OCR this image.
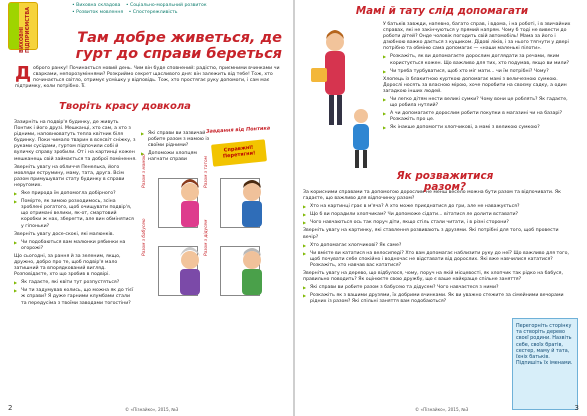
ВИХОВНІ ПІДПРИЄМСТВА
• Виховна складова • Соціально-моральний розвиток
• Розвиток мовлення • Спостережливість
Там добре живеться, де гурт до справи береться
Д оброго ранку! Починається новий день. Чим він буде сповнений: радістю, приємними вчинками чи сварками, непорозуміннями? Розкриймо секрет щасливого дня: він залежить від тебе! Тож, хто починається світло, отримує усмішку у відповідь. Тож, хто простягає руку допомоги, і сам має підтримку, коли потрібно. Її.
Творіть красу довкола

Зазирніть на подвір'я будинку, де живуть Понтик і його друзі. Мешканці, хто сам, а хто з рідними, наповнюватуть тепла квітник біля будинку. Поки чимало тварин в всесвіт сніжку, з руками сусідами, гуртом підпочили собі й вуличку справу зробили. От і на картинці кожен мешканець свій займається та доброї помінення.

Зверніть увагу на обличчя Пенелька, його мовляди еструмину, маму, тата, друга. Всім разом примушувати стату будинку в справи неругомих.

▶ Яке природа їм допомогла добірного?

▶ Помірте, як зимою розходимось, зсіна зроблені рогатого, щоб очищувати подвір'я, що отримані велики, як-от, смартовий коробки ж нах, зберегти, але вин обмінятися у гіпоньки?

Зверніть увагу досе-скокі, які малюнків.

▶ Чи подобаються вам малюнки рябинки на огорожі?

Що сьогодні, за рання й за зеленим, якщо, дружно, добро про те, щоб подвір'я мало затишний та впорядкований вигляд. Розповідаєте, хто що зробив в подвірі.

▶ Як гадаєте, які квіти тут розпустяться?

▶ Чи ти задумував колись, що можна як до тієї ж справи? Я дуже гарними клумбами стали та передусіма з твоїми заводами тогостіни?

▶ Які справи ви зазвичай робите разом з мамою із своїми рідними?

▶ Допоможи хлопцям нагнати справи

Завдання від Понтика
Справжні! Перетягни!
Разом з мамою	Разом з татом
Разом з бабусею	Разом з дідусем
© «Пізнайко», 2015, №3
2
Мамі й тату слід допомагати

У батьків завжди, напевно, багато справ, і вдома, і на роботі, і в звичайних справах, які не закінчуються у прямий напрям. Чому б тоді не вивести до роботи дітей? Онде чоловік погодить свій автомобіль! Мама за його і дзюбною важко дається з кущиком. Дідові ліків, і за нього тягнути у двері потрібно та обміню сама допомагає — «наши маленькі пілоти».

▶ Розкажіть, як ви допомагаєте дорослим доглядати за речами, яким користується кожен. Що важливо для тих, хто подумав, якщо ви мили?

▶ Чи треба турбуватися, щоб хто міг мати... чи їм потрібні? Чому?

Хлопець із блакитною курткою допомагає мамі з величезною сумкою. Дорослі носять за власною мірою, хоче поробити на своєму садку, а один загадкою інших людей.

▶ Чи легко дітям нести великі сумки? Чому вони це роблять? Як гадаєте, що робила нутлий?

▶ А чи допомагаєте дорослим робити покупки в магазині чи на базарі? Розкажіть про це.

▶ Як інакше допомогти хлопчикові, а мамі з великою сумкою?

Як розважитися разом?

За корисними справами та допомогою дорослим не менш весело можна бути разом та відпочивати. Як гадаєте, що важливо для відпочинку разом?

▶ Хто на картинці грає в м'яча? А хто може приєднатися до гри, але не наважується?

▶ Що б ви порадили хлопчикам? Чи допоможе сідати... вітатися ле долити вставати?

▶ Чого навчаються ось так поруч діти, якщо стіль стали читати, і в різні сторони?

Зверніть увагу на картинку, які ставлення розвивають з друзями. Які потрібні для того, щоб провести вечір?

▶ Хто допомагає хлопчикові? Як саме?

▶ Чи вмієте ви кататися на велосипеді? Хто вам допомагає наблизити руку до неї? Що важливо для того, щоб почувати себе спокійно і водночас не відставати від дорослих. Які вже навчилися кататися? Розкажіть, хто навчав вас кататися?

Зверніть увагу на дерево, що відбулося, чому, поруч на якій місцевості, як хлопчик так рідко на бабуся, правильно поводить? Як оцінюєте свою дружбу, що є ваше найкраще спільне заняття?

▶ Які справи ви робите разом з бабусею та дідусем? Чого навчаєтеся з ними?

▶ Розкажіть як з вашими друзями, їх добрими вчинками. Як ви уважно стежите за сімейними вечорами рідних із разом? Які спільні заняття вам подобаються?

Перегорніть сторінку та створіть дерево своєї родини. Назвіть себе, своїх братів, сестер, маму й тата, їхніх батьків. Підпишіть їх іменами.
© «Пізнайко», 2015, №3	3
